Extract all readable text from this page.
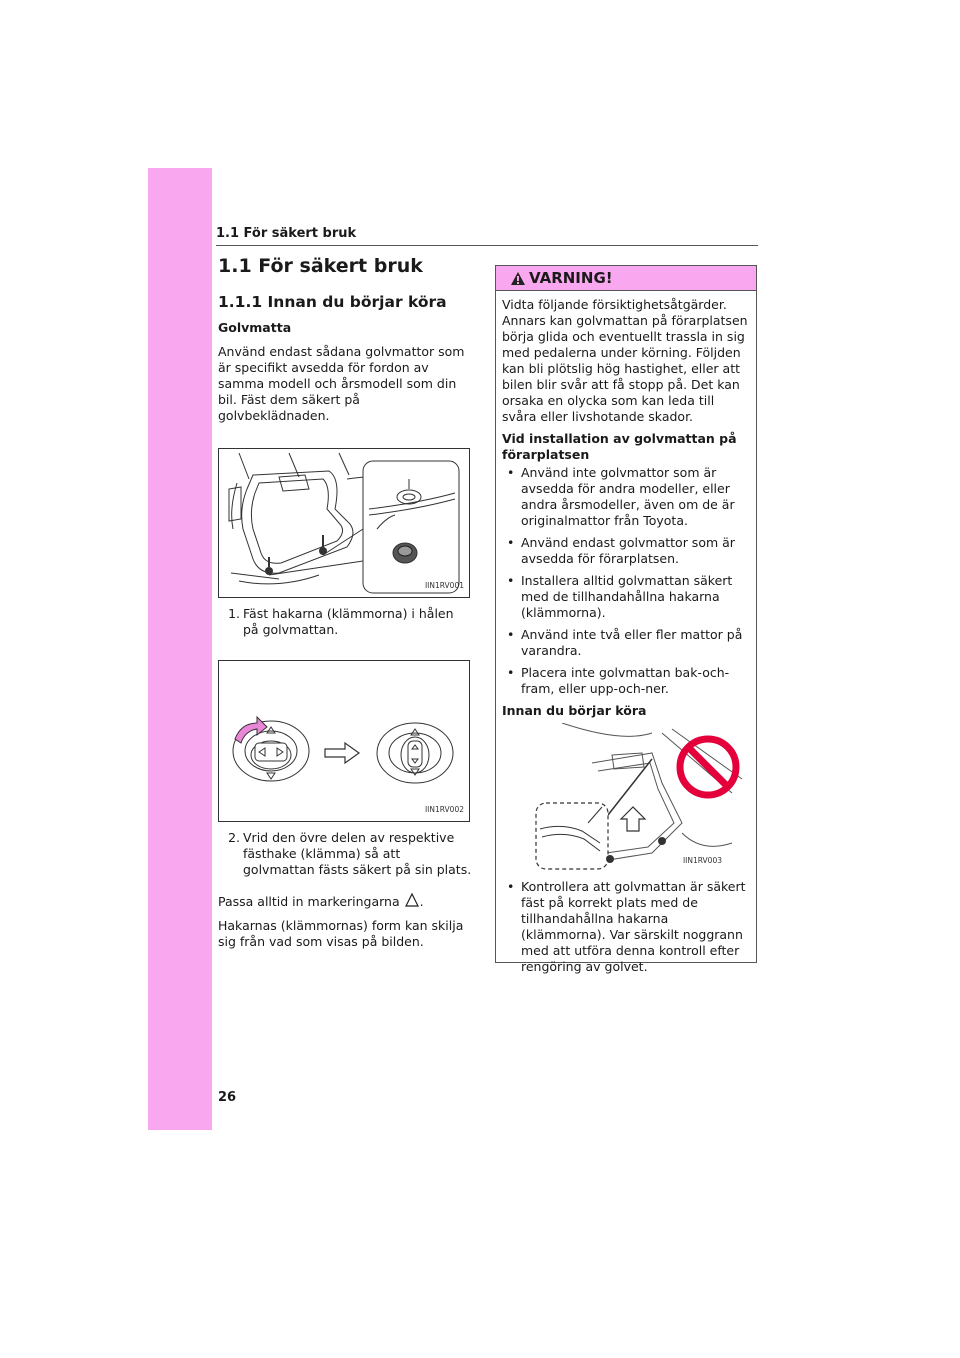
1.1 För säkert bruk
1.1 För säkert bruk
1.1.1 Innan du börjar köra
Golvmatta

Använd endast sådana golvmattor som är specifikt avsedda för fordon av samma modell och årsmodell som din bil. Fäst dem säkert på golvbeklädnaden.

IIN1RV001
1. Fäst hakarna (klämmorna) i hålen på golvmattan.
IIN1RV002
2. Vrid den övre delen av respektive fästhake (klämma) så att golvmattan fästs säkert på sin plats.

Passa alltid in markeringarna .

Hakarnas (klämmornas) form kan skilja sig från vad som visas på bilden.

VARNING!

Vidta följande försiktighetsåtgärder. Annars kan golvmattan på förarplatsen börja glida och eventuellt trassla in sig med pedalerna under körning. Följden kan bli plötslig hög hastighet, eller att bilen blir svår att få stopp på. Det kan orsaka en olycka som kan leda till svåra eller livshotande skador.

Vid installation av golvmattan på förarplatsen
• Använd inte golvmattor som är avsedda för andra modeller, eller andra årsmodeller, även om de är originalmattor från Toyota.
• Använd endast golvmattor som är avsedda för förarplatsen.
• Installera alltid golvmattan säkert med de tillhandahållna hakarna (klämmorna).
• Använd inte två eller fler mattor på varandra.
• Placera inte golvmattan bak-och-fram, eller upp-och-ner.
Innan du börjar köra
IIN1RV003
• Kontrollera att golvmattan är säkert fäst på korrekt plats med de tillhandahållna hakarna (klämmorna). Var särskilt noggrann med att utföra denna kontroll efter rengöring av golvet.
26
